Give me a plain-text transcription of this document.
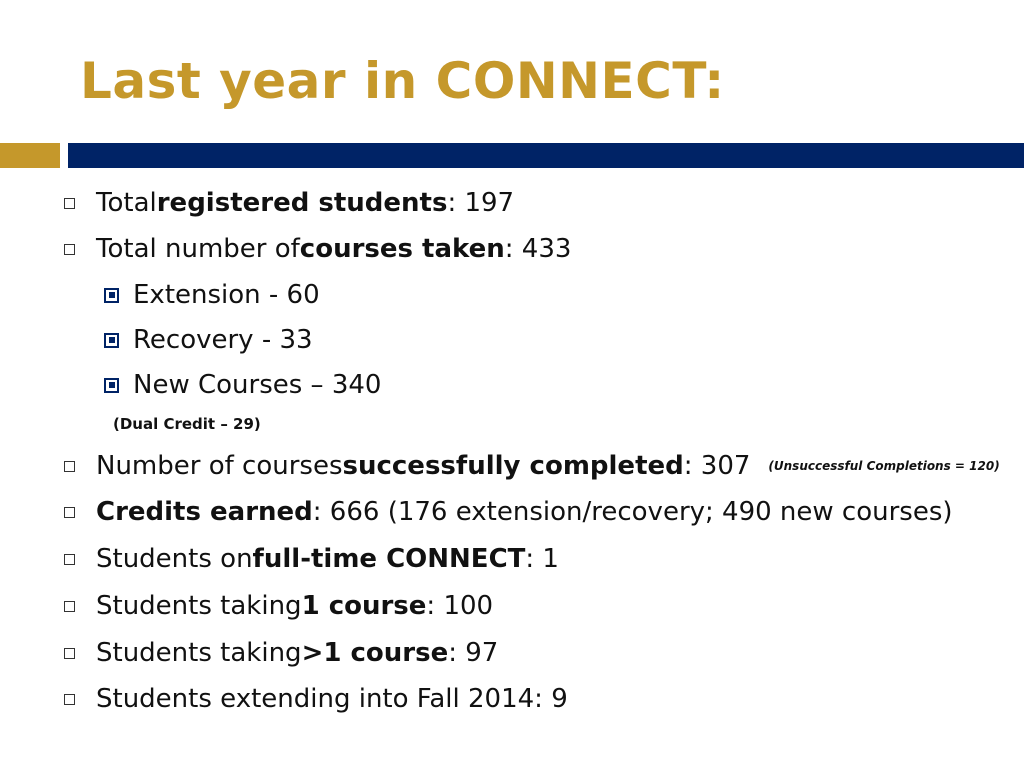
Last year in CONNECT:
Total registered students : 197
Total number of courses taken : 433
Extension - 60
Recovery - 33
New Courses – 340
(Dual Credit – 29)
Number of courses successfully completed : 307 (Unsuccessful Completions = 120)
Credits earned : 666 (176 extension/recovery; 490 new courses)
Students on full-time CONNECT : 1
Students taking 1 course : 100
Students taking >1 course : 97
Students extending into Fall 2014: 9
